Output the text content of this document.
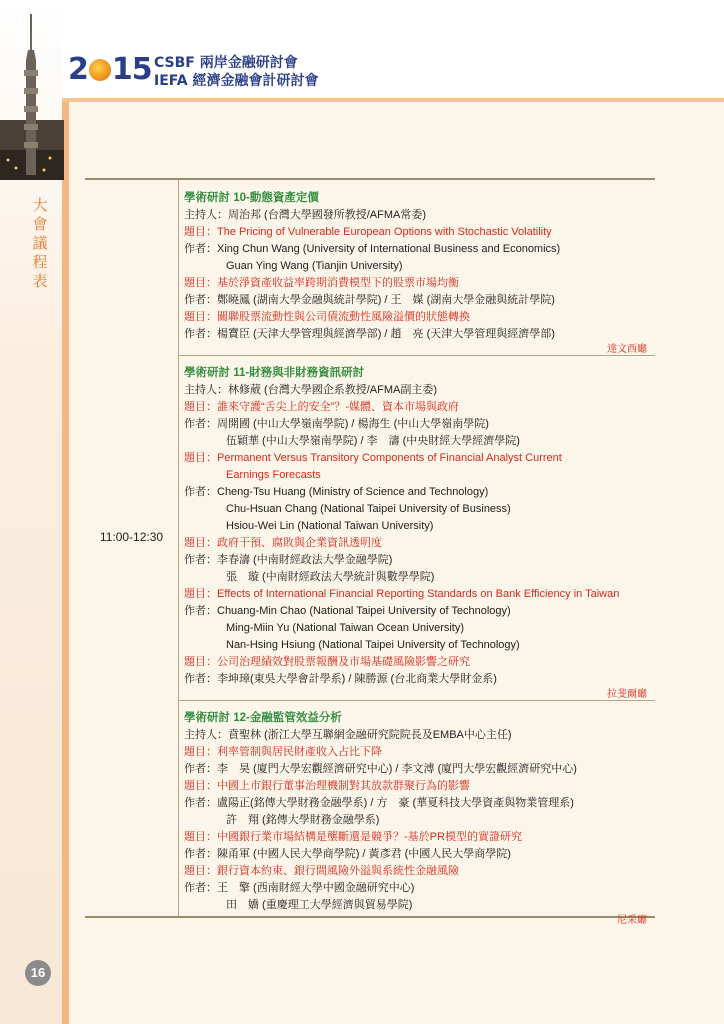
大會議程表
16
2 15 CSBF 兩岸金融研討會
IEFA 經濟金融會計研討會
11:00-12:30
學術研討 10-動態資產定價
主持人：周治邦 (台灣大學國發所教授/AFMA常委)
題目：The Pricing of Vulnerable European Options with Stochastic Volatility
作者：Xing Chun Wang (University of International Business and Economics)
Guan Ying Wang (Tianjin University)
題目：基於淨資產收益率跨期消費模型下的股票市場均衡
作者：鄭曉鳳 (湖南大學金融與統計學院) / 王　媒 (湖南大學金融與統計學院)
題目：關聯股票流動性與公司債流動性風險溢價的狀態轉換
作者：楊寶臣 (天津大學管理與經濟學部) / 趙　亮 (天津大學管理與經濟學部)
達文西廳
學術研討 11-財務與非財務資訊研討
主持人：林修葳 (台灣大學國企系教授/AFMA副主委)
題目：誰來守護“舌尖上的安全”？-媒體、資本市場與政府
作者：周開國 (中山大學嶺南學院) / 楊海生 (中山大學嶺南學院)
伍穎華 (中山大學嶺南學院) / 李　濤 (中央財經大學經濟學院)
題目：Permanent Versus Transitory Components of Financial Analyst Current
Earnings Forecasts
作者：Cheng-Tsu Huang (Ministry of Science and Technology)
Chu-Hsuan Chang (National Taipei University of Business)
Hsiou-Wei Lin (National Taiwan University)
題目：政府干預、腐敗與企業資訊透明度
作者：李春濤 (中南財經政法大學金融學院)
張　璇 (中南財經政法大學統計與數學學院)
題目：Effects of International Financial Reporting Standards on Bank Efficiency in Taiwan
作者：Chuang-Min Chao (National Taipei University of Technology)
Ming-Miin Yu (National Taiwan Ocean University)
Nan-Hsing Hsiung (National Taipei University of Technology)
題目：公司治理績效對股票報酬及市場基礎風險影響之研究
作者：李坤璋(東吳大學會計學系) / 陳勝源 (台北商業大學財金系)
拉斐爾廳
學術研討 12-金融監管效益分析
主持人：賁聖林 (浙江大學互聯網金融研究院院長及EMBA中心主任)
題目：利率管制與居民財產收入占比下降
作者：李　昊 (廈門大學宏觀經濟研究中心) / 李文溥 (廈門大學宏觀經濟研究中心)
題目：中國上市銀行董事治理機制對其放款群聚行為的影響
作者：盧陽正(銘傳大學財務金融學系) / 方　豪 (華夏科技大學資產與物業管理系)
許　翔 (銘傳大學財務金融學系)
題目：中國銀行業市場結構是壟斷還是競爭？-基於PR模型的實證研究
作者：陳甬軍 (中國人民大學商學院) / 黃彥君 (中國人民大學商學院)
題目：銀行資本約束、銀行間風險外溢與系統性金融風險
作者：王　擎 (西南財經大學中國金融研究中心)
田　嬌 (重慶理工大學經濟與貿易學院)
尼采廳
